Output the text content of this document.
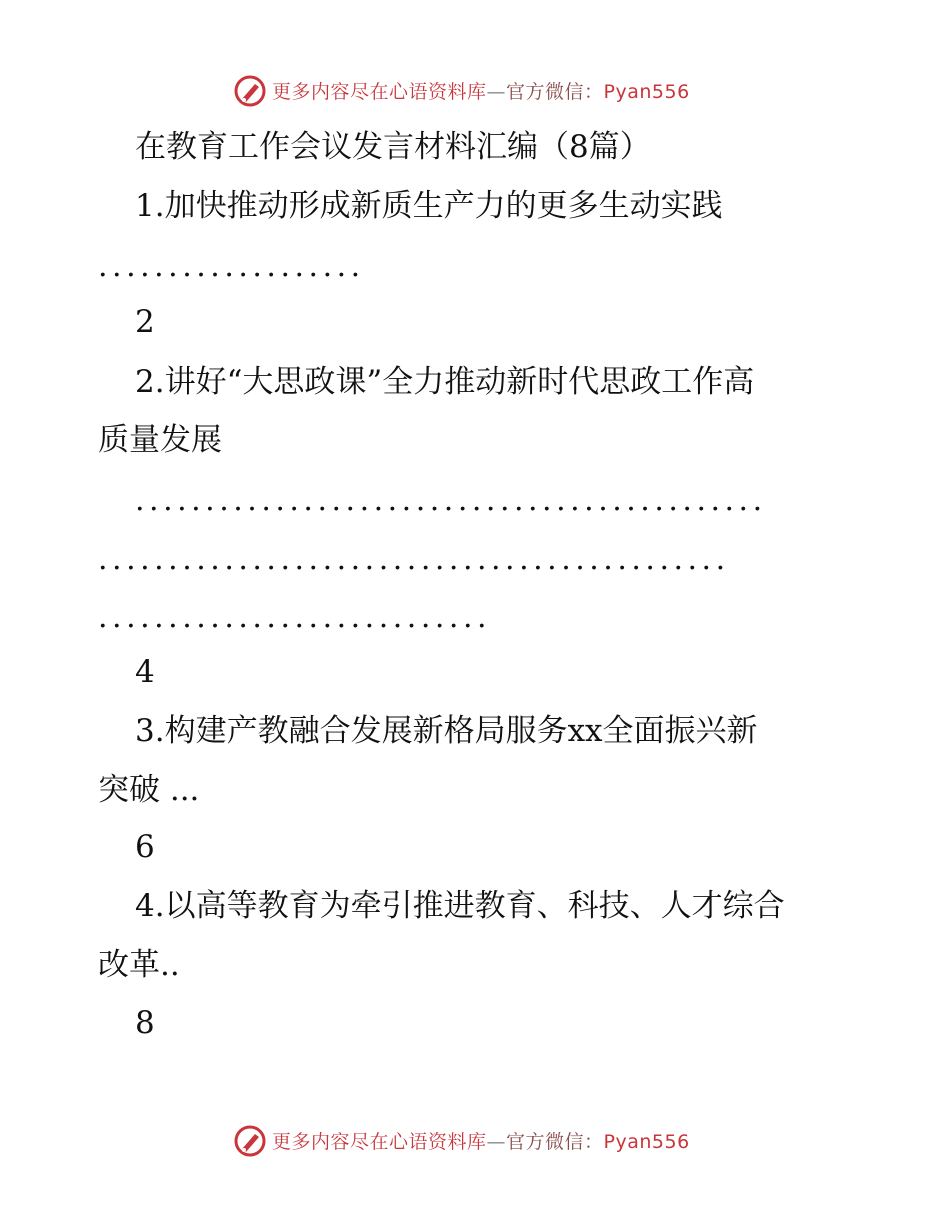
更多内容尽在心语资料库—官方微信：Pyan556
在教育工作会议发言材料汇编（8篇）
1.加快推动形成新质生产力的更多生动实践
...................
2
2.讲好“大思政课”全力推动新时代思政工作高
质量发展
.............................................
.............................................
............................
4
3.构建产教融合发展新格局服务xx全面振兴新
突破 ...
6
4.以高等教育为牵引推进教育、科技、人才综合
改革..
8
更多内容尽在心语资料库—官方微信：Pyan556
